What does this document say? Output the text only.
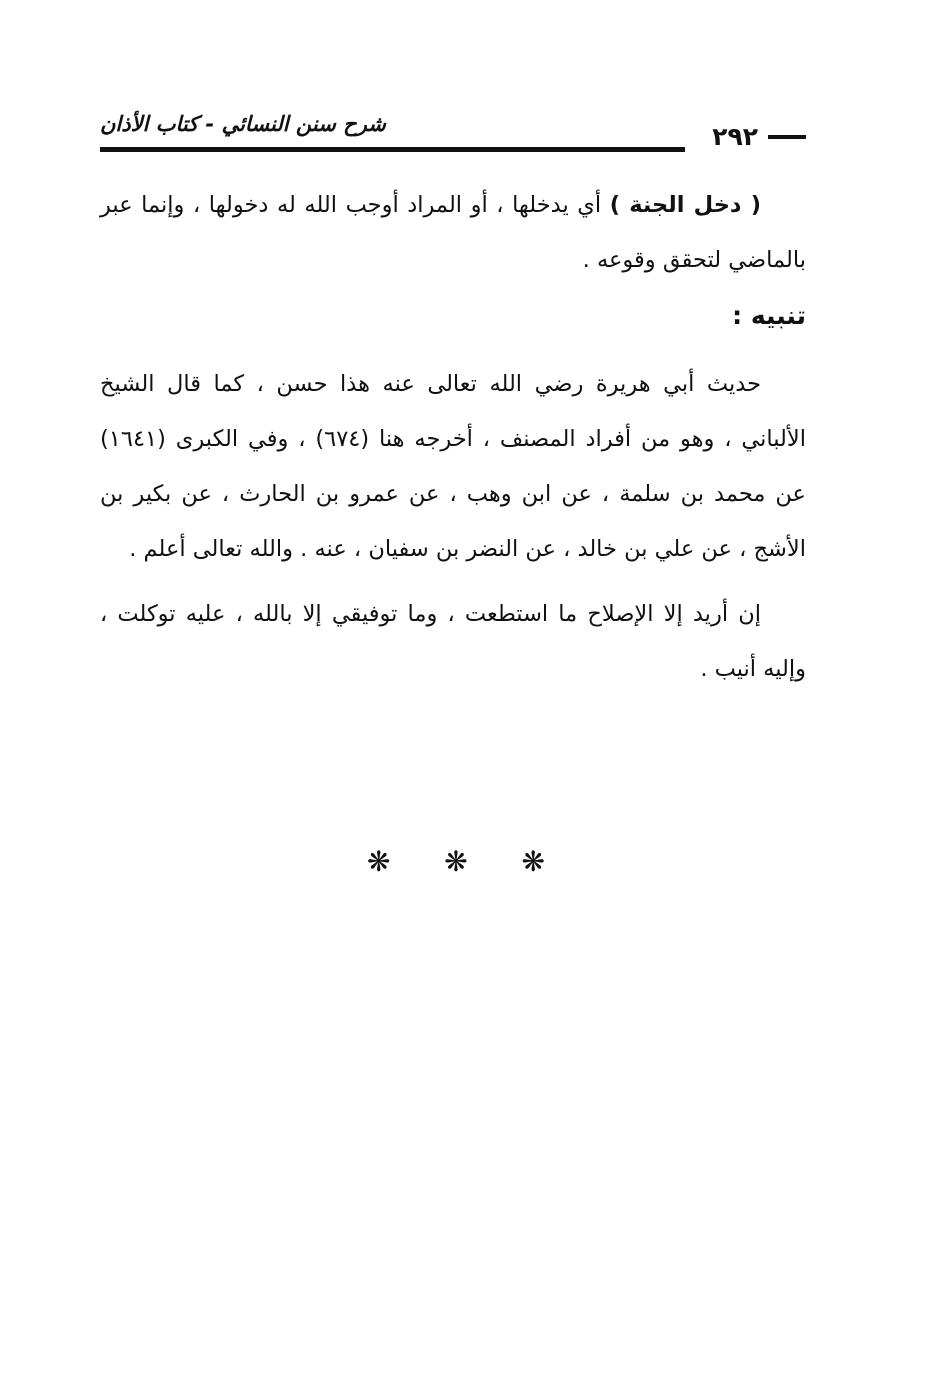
٢٩٢
شرح سنن النسائي - كتاب الأذان

( دخل الجنة ) أي يدخلها ، أو المراد أوجب الله له دخولها ، وإنما عبر بالماضي لتحقق وقوعه .

تنبيه :

حديث أبي هريرة رضي الله تعالى عنه هذا حسن ، كما قال الشيخ الألباني ، وهو من أفراد المصنف ، أخرجه هنا (٦٧٤) ، وفي الكبرى (١٦٤١) عن محمد بن سلمة ، عن ابن وهب ، عن عمرو بن الحارث ، عن بكير بن الأشج ، عن علي بن خالد ، عن النضر بن سفيان ، عنه . والله تعالى أعلم .

إن أريد إلا الإصلاح ما استطعت ، وما توفيقي إلا بالله ، عليه توكلت ، وإليه أنيب .

❋ ❋ ❋
